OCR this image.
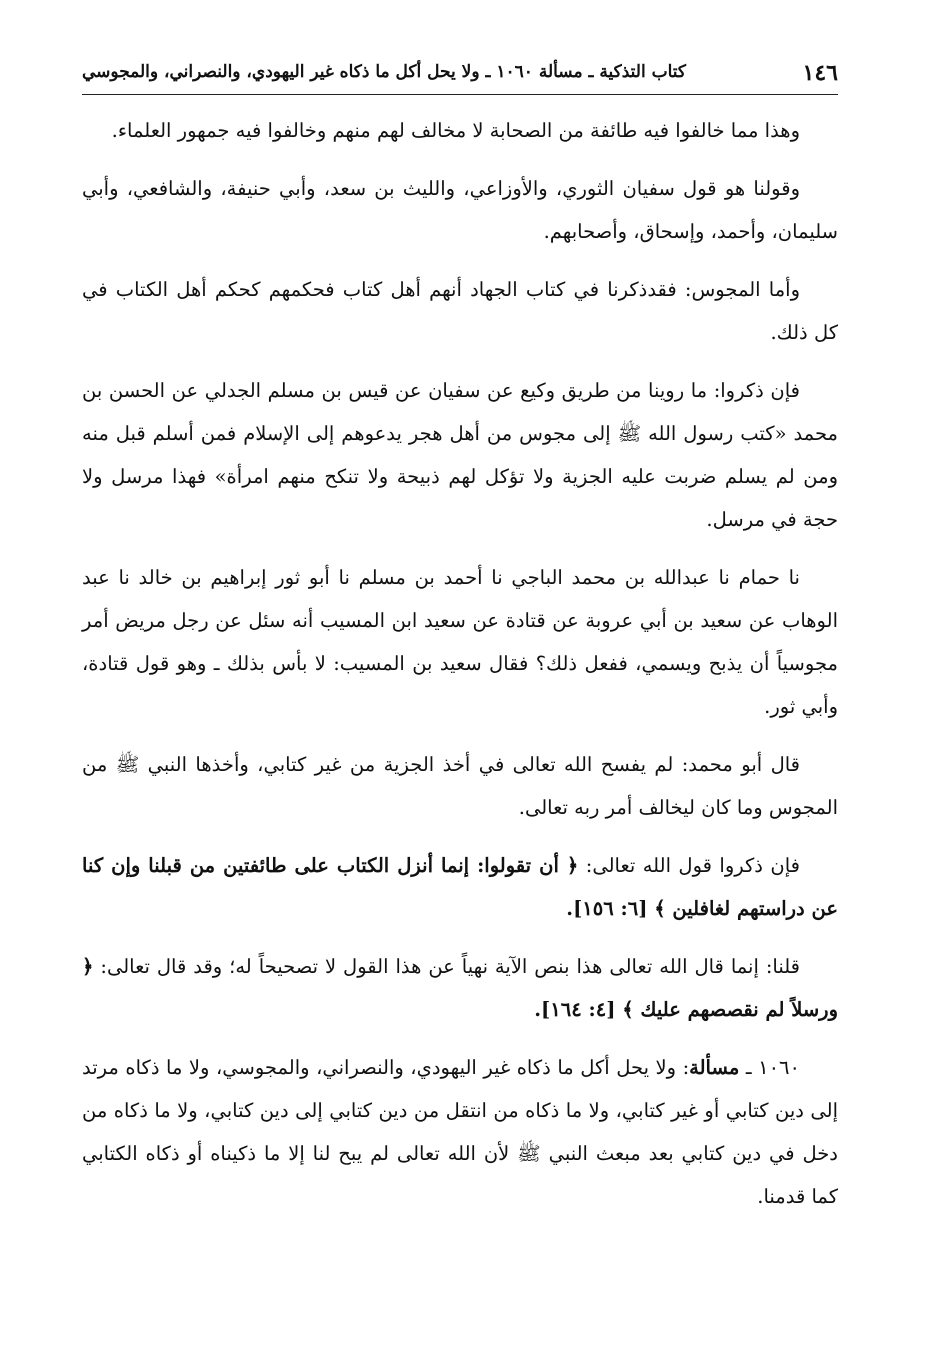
١٤٦
كتاب التذكية ـ مسألة ١٠٦٠ ـ ولا يحل أكل ما ذكاه غير اليهودي، والنصراني، والمجوسي

وهذا مما خالفوا فيه طائفة من الصحابة لا مخالف لهم منهم وخالفوا فيه جمهور العلماء.

وقولنا هو قول سفيان الثوري، والأوزاعي، والليث بن سعد، وأبي حنيفة، والشافعي، وأبي سليمان، وأحمد، وإسحاق، وأصحابهم.

وأما المجوس: فقدذكرنا في كتاب الجهاد أنهم أهل كتاب فحكمهم كحكم أهل الكتاب في كل ذلك.

فإن ذكروا: ما روينا من طريق وكيع عن سفيان عن قيس بن مسلم الجدلي عن الحسن بن محمد «كتب رسول الله ﷺ إلى مجوس من أهل هجر يدعوهم إلى الإسلام فمن أسلم قبل منه ومن لم يسلم ضربت عليه الجزية ولا تؤكل لهم ذبيحة ولا تنكح منهم امرأة» فهذا مرسل ولا حجة في مرسل.

نا حمام نا عبدالله بن محمد الباجي نا أحمد بن مسلم نا أبو ثور إبراهيم بن خالد نا عبد الوهاب عن سعيد بن أبي عروبة عن قتادة عن سعيد ابن المسيب أنه سئل عن رجل مريض أمر مجوسياً أن يذبح ويسمي، ففعل ذلك؟ فقال سعيد بن المسيب: لا بأس بذلك ـ وهو قول قتادة، وأبي ثور.

قال أبو محمد: لم يفسح الله تعالى في أخذ الجزية من غير كتابي، وأخذها النبي ﷺ من المجوس وما كان ليخالف أمر ربه تعالى.

فإن ذكروا قول الله تعالى: ﴿ أن تقولوا: إنما أنزل الكتاب على طائفتين من قبلنا وإن كنا عن دراستهم لغافلين ﴾ [٦: ١٥٦].

قلنا: إنما قال الله تعالى هذا بنص الآية نهياً عن هذا القول لا تصحيحاً له؛ وقد قال تعالى: ﴿ ورسلاً لم نقصصهم عليك ﴾ [٤: ١٦٤].

١٠٦٠ ـ مسألة: ولا يحل أكل ما ذكاه غير اليهودي، والنصراني، والمجوسي، ولا ما ذكاه مرتد إلى دين كتابي أو غير كتابي، ولا ما ذكاه من انتقل من دين كتابي إلى دين كتابي، ولا ما ذكاه من دخل في دين كتابي بعد مبعث النبي ﷺ لأن الله تعالى لم يبح لنا إلا ما ذكيناه أو ذكاه الكتابي كما قدمنا.
